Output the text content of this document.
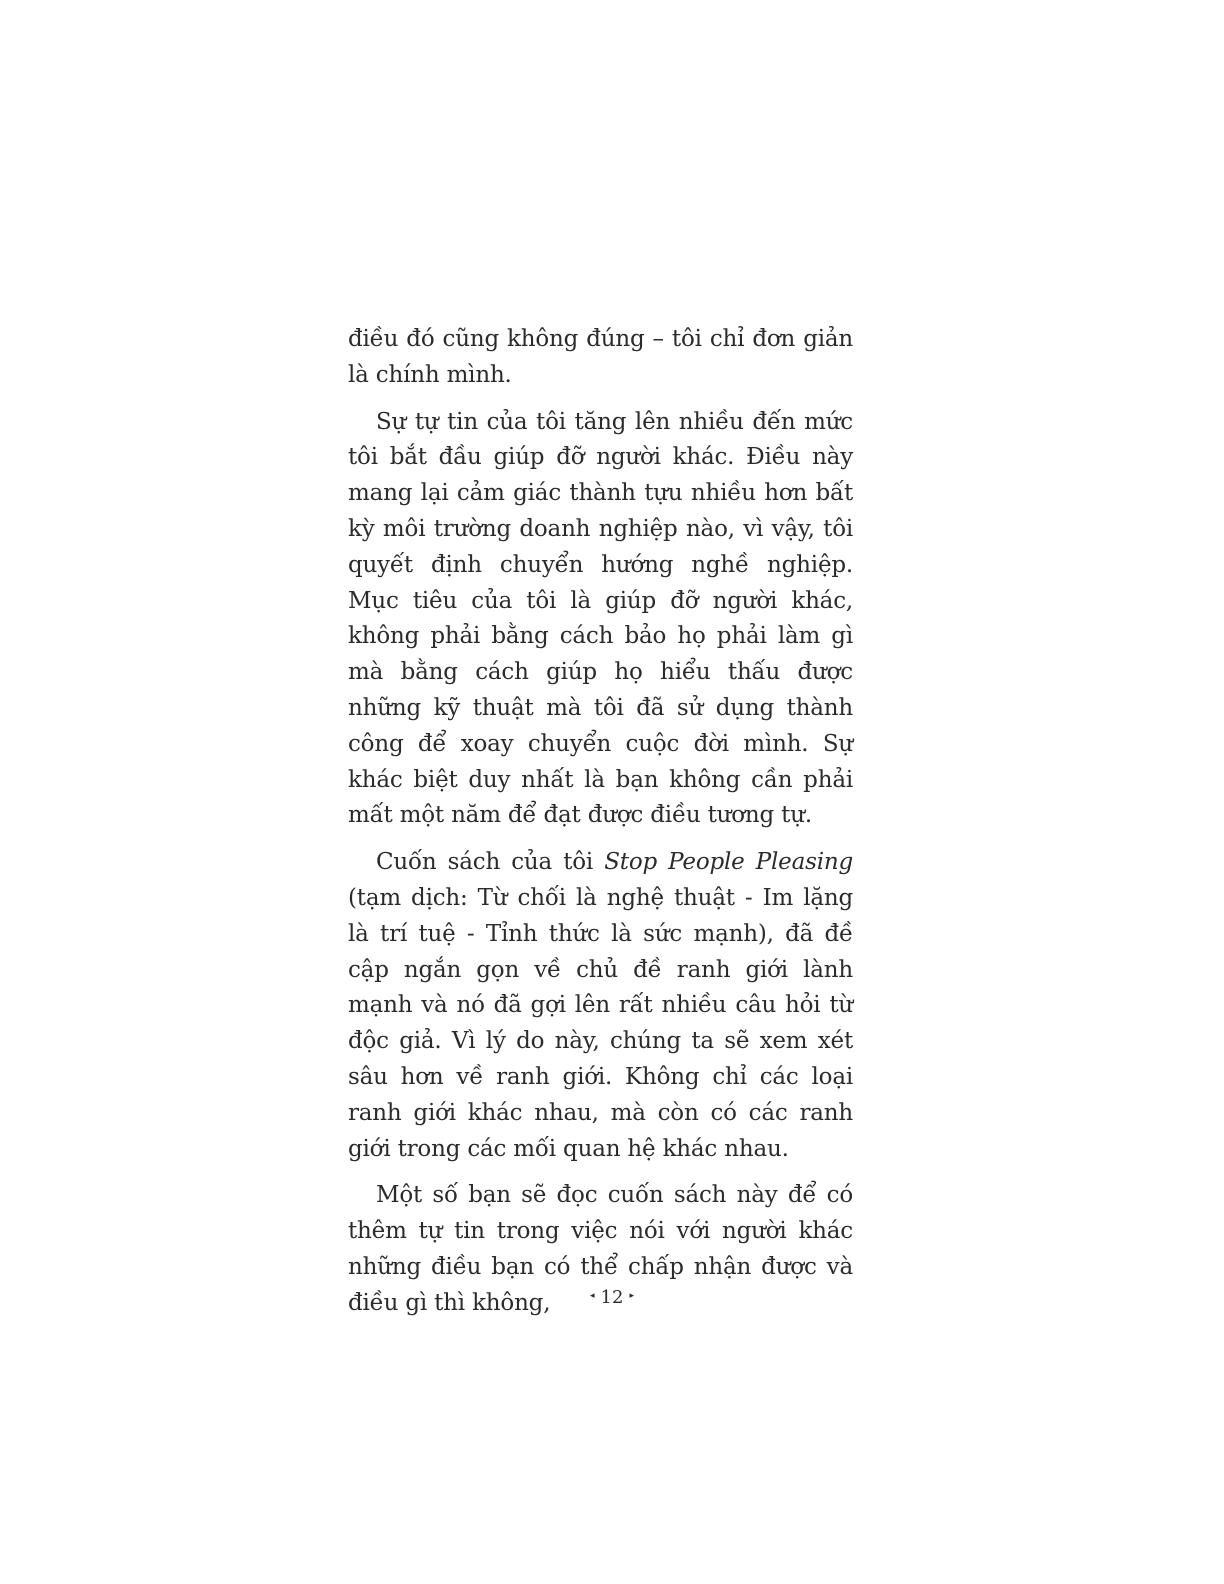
điều đó cũng không đúng – tôi chỉ đơn giản là chính mình.

Sự tự tin của tôi tăng lên nhiều đến mức tôi bắt đầu giúp đỡ người khác. Điều này mang lại cảm giác thành tựu nhiều hơn bất kỳ môi trường doanh nghiệp nào, vì vậy, tôi quyết định chuyển hướng nghề nghiệp. Mục tiêu của tôi là giúp đỡ người khác, không phải bằng cách bảo họ phải làm gì mà bằng cách giúp họ hiểu thấu được những kỹ thuật mà tôi đã sử dụng thành công để xoay chuyển cuộc đời mình. Sự khác biệt duy nhất là bạn không cần phải mất một năm để đạt được điều tương tự.

Cuốn sách của tôi Stop People Pleasing (tạm dịch: Từ chối là nghệ thuật - Im lặng là trí tuệ - Tỉnh thức là sức mạnh), đã đề cập ngắn gọn về chủ đề ranh giới lành mạnh và nó đã gợi lên rất nhiều câu hỏi từ độc giả. Vì lý do này, chúng ta sẽ xem xét sâu hơn về ranh giới. Không chỉ các loại ranh giới khác nhau, mà còn có các ranh giới trong các mối quan hệ khác nhau.

Một số bạn sẽ đọc cuốn sách này để có thêm tự tin trong việc nói với người khác những điều bạn có thể chấp nhận được và điều gì thì không,	◂ 12 ▸
